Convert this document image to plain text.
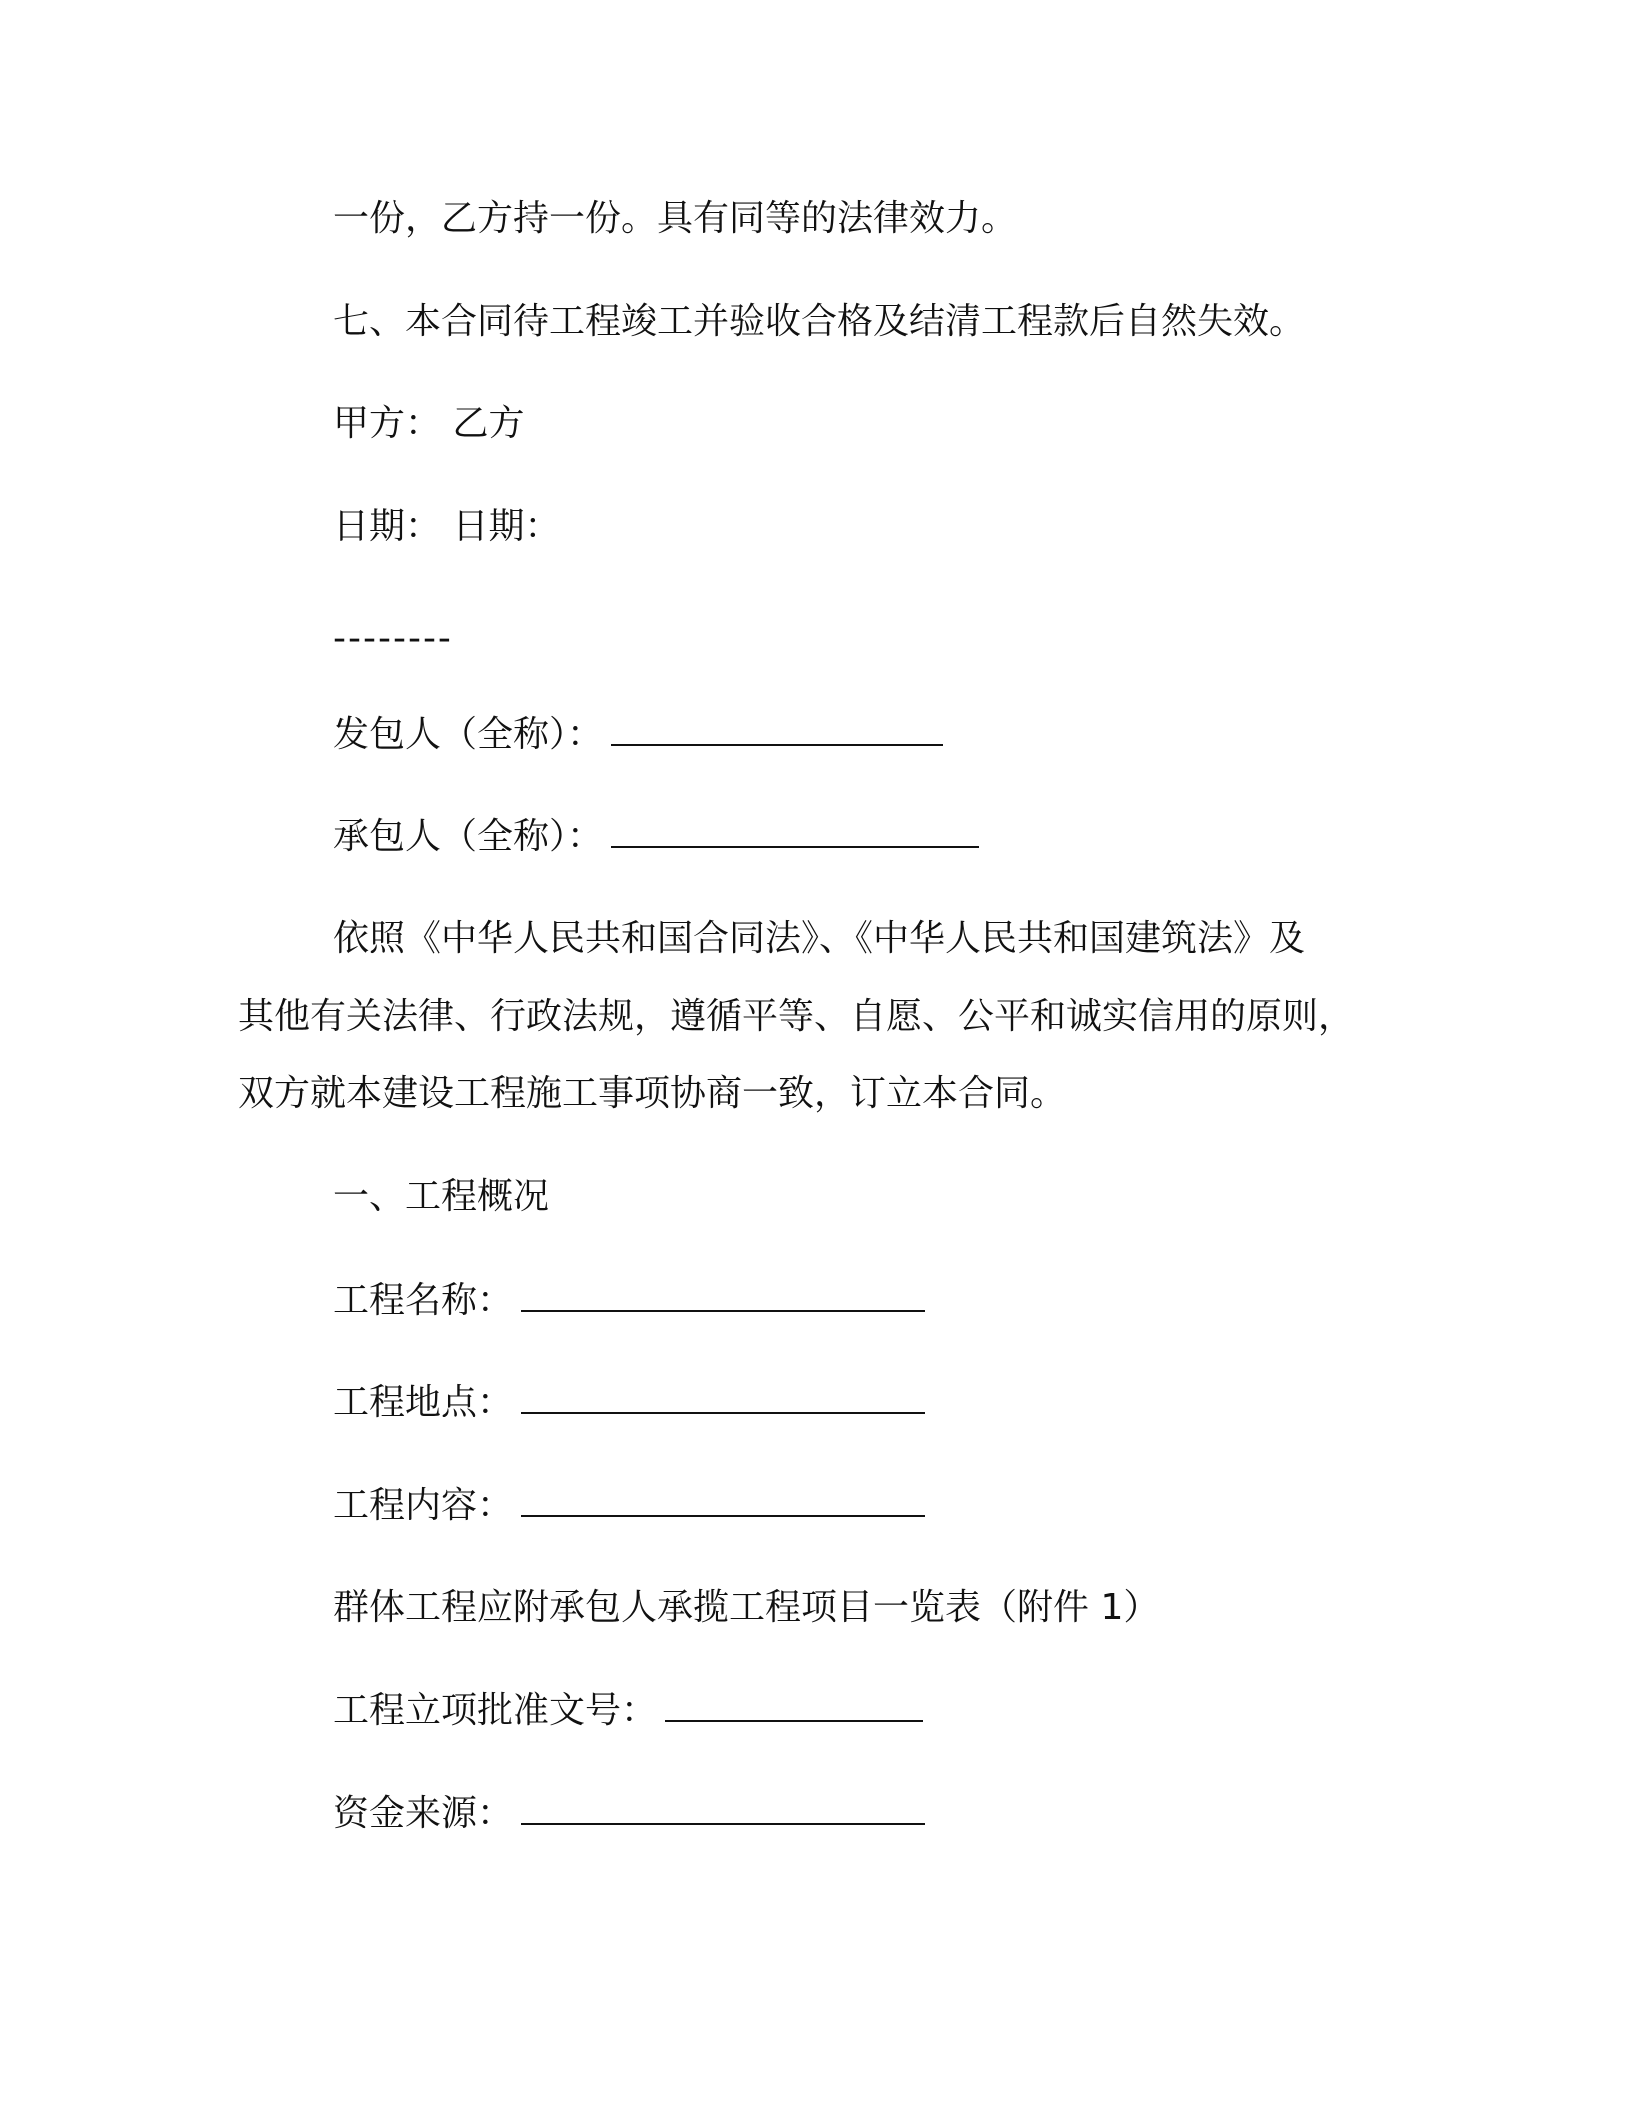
一份，乙方持一份。具有同等的法律效力。
七、本合同待工程竣工并验收合格及结清工程款后自然失效。
甲方： 乙方
日期： 日期：
--------
发包人（全称）：
承包人（全称）：
依照《中华人民共和国合同法》、《中华人民共和国建筑法》及
其他有关法律、行政法规，遵循平等、自愿、公平和诚实信用的原则，
双方就本建设工程施工事项协商一致，订立本合同。
一、工程概况
工程名称：
工程地点：
工程内容：
群体工程应附承包人承揽工程项目一览表（附件 1）
工程立项批准文号：
资金来源：
